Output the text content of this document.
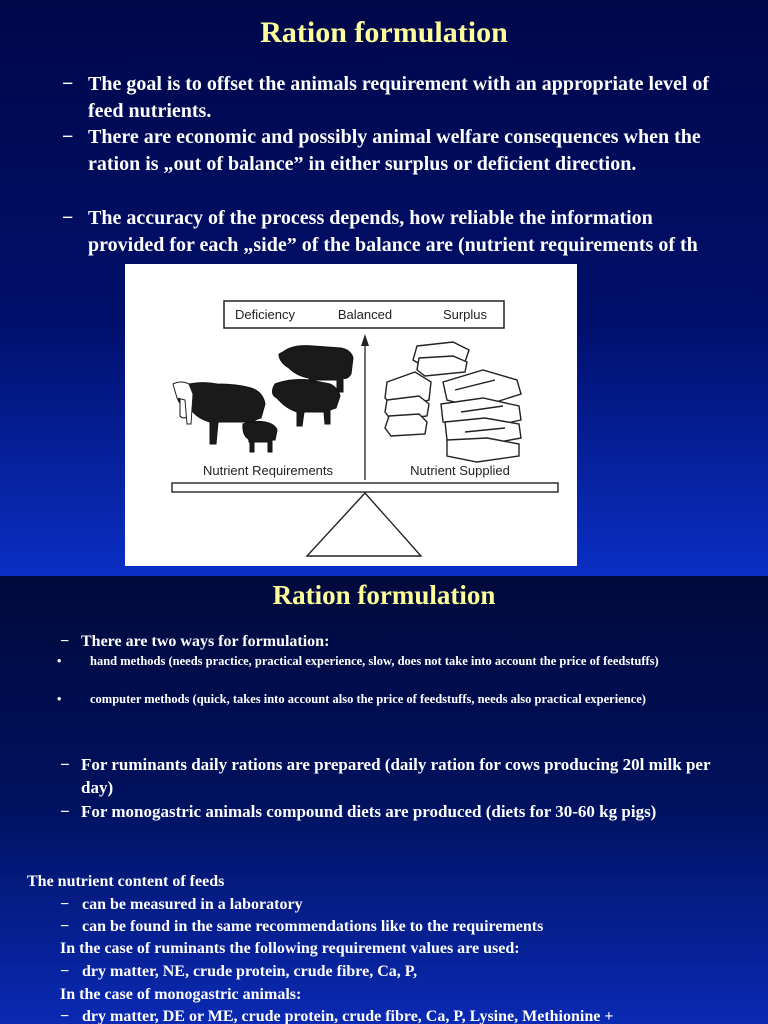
Ration formulation
− The goal is to offset the animals requirement with an appropriate level of feed nutrients.
− There are economic and possibly animal welfare consequences when the ration is „out of balance” in either surplus or deficient direction.
− The accuracy of the process depends, how reliable the information provided for each „side” of the balance are (nutrient requirements of th
Deficiency	Balanced	Surplus
Nutrient Requirements	Nutrient Supplied
Ration formulation
− There are two ways for formulation:
•	hand methods (needs practice, practical experience, slow, does not take into account the price of feedstuffs)
•	computer methods (quick, takes into account also the price of feedstuffs, needs also practical experience)
− For ruminants daily rations are prepared (daily ration for cows producing 20l milk per day)
− For monogastric animals compound diets are produced (diets for 30-60 kg pigs)
The nutrient content of feeds
− can be measured in a laboratory
− can be found in the same recommendations like to the requirements
In the case of ruminants the following requirement values are used:
− dry matter, NE, crude protein, crude fibre, Ca, P,
In the case of monogastric animals:
− dry matter, DE or ME, crude protein, crude fibre, Ca, P, Lysine, Methionine +
